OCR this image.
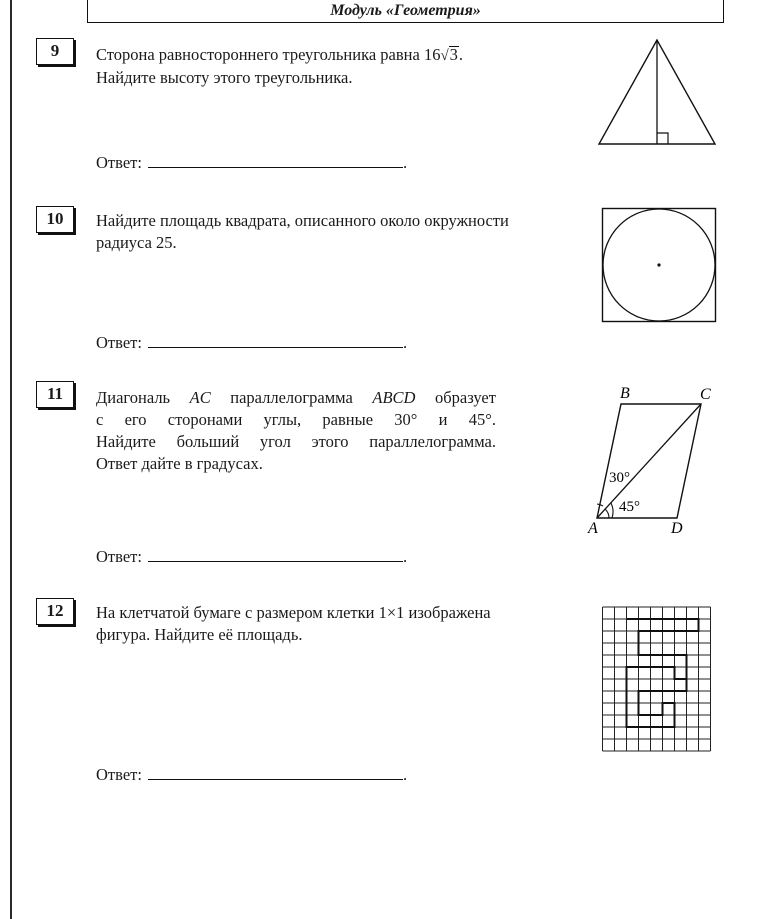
Модуль «Геометрия»
9	Сторона равностороннего треугольника равна 16√3.
Найдите высоту этого треугольника.
Ответ:	.
10	Найдите площадь квадрата, описанного около окружности
радиуса 25.
Ответ:	.
11	Диагональ AC параллелограмма ABCD образует
с его сторонами углы, равные 30° и 45°.
Найдите больший угол этого параллелограмма.
Ответ дайте в градусах.
B	C
A	D
30°
45°
Ответ:	.
12	На клетчатой бумаге с размером клетки 1×1 изображена
фигура. Найдите её площадь.
Ответ:	.
